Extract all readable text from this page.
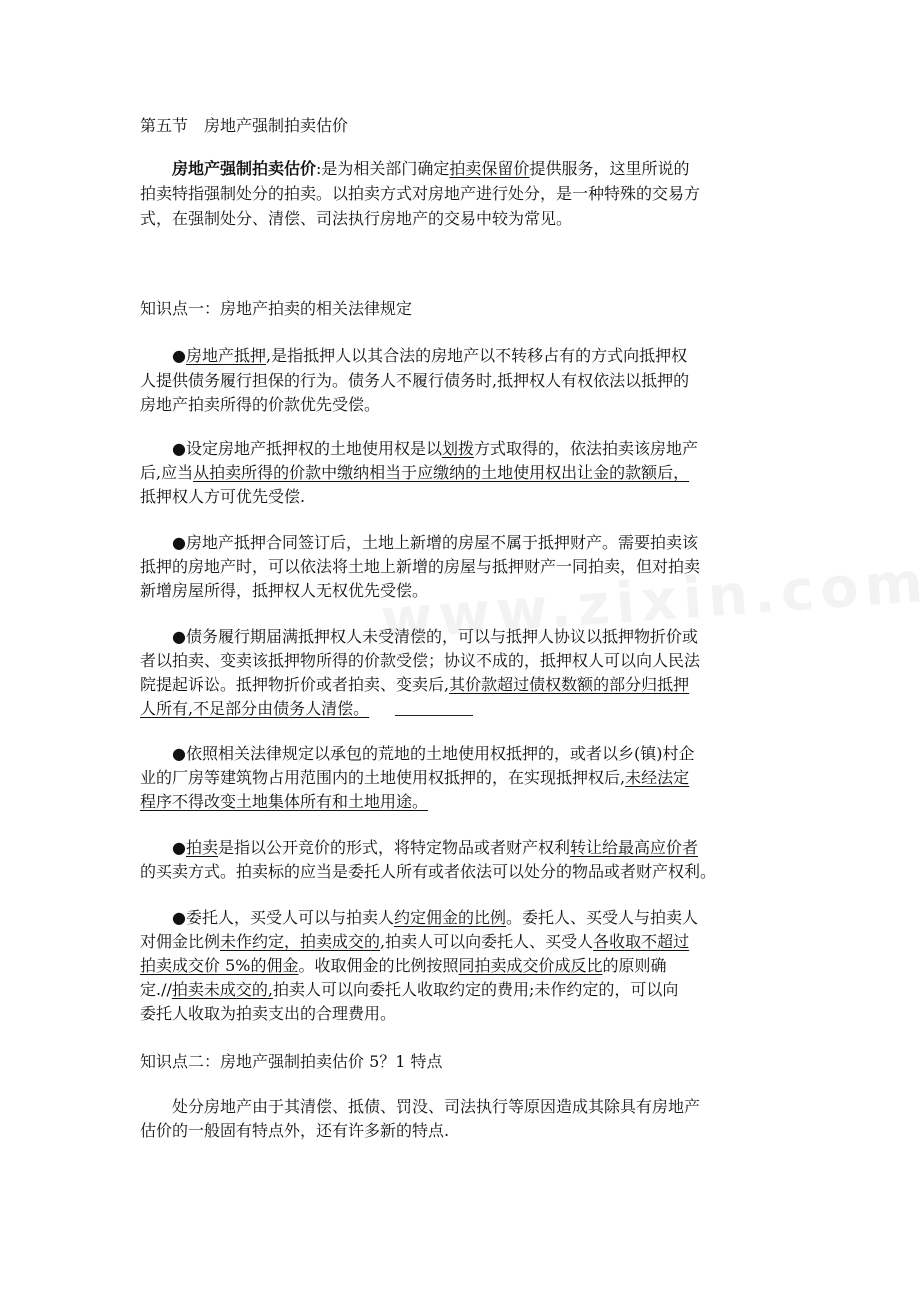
第五节　房地产强制拍卖估价
房地产强制拍卖估价:是为相关部门确定拍卖保留价提供服务，这里所说的
拍卖特指强制处分的拍卖。以拍卖方式对房地产进行处分，是一种特殊的交易方
式，在强制处分、清偿、司法执行房地产的交易中较为常见。
知识点一：房地产拍卖的相关法律规定
●房地产抵押,是指抵押人以其合法的房地产以不转移占有的方式向抵押权
人提供债务履行担保的行为。债务人不履行债务时,抵押权人有权依法以抵押的
房地产拍卖所得的价款优先受偿。
●设定房地产抵押权的土地使用权是以划拨方式取得的，依法拍卖该房地产
后,应当从拍卖所得的价款中缴纳相当于应缴纳的土地使用权出让金的款额后，
抵押权人方可优先受偿.
●房地产抵押合同签订后，土地上新增的房屋不属于抵押财产。需要拍卖该
抵押的房地产时，可以依法将土地上新增的房屋与抵押财产一同拍卖，但对拍卖
新增房屋所得，抵押权人无权优先受偿。
●债务履行期届满抵押权人未受清偿的，可以与抵押人协议以抵押物折价或
者以拍卖、变卖该抵押物所得的价款受偿；协议不成的，抵押权人可以向人民法
院提起诉讼。抵押物折价或者拍卖、变卖后,其价款超过债权数额的部分归抵押
人所有,不足部分由债务人清偿。
●依照相关法律规定以承包的荒地的土地使用权抵押的，或者以乡(镇)村企
业的厂房等建筑物占用范围内的土地使用权抵押的，在实现抵押权后,未经法定
程序不得改变土地集体所有和土地用途。
●拍卖是指以公开竞价的形式，将特定物品或者财产权利转让给最高应价者
的买卖方式。拍卖标的应当是委托人所有或者依法可以处分的物品或者财产权利。
●委托人，买受人可以与拍卖人约定佣金的比例。委托人、买受人与拍卖人
对佣金比例未作约定，拍卖成交的,拍卖人可以向委托人、买受人各收取不超过
拍卖成交价 5%的佣金。收取佣金的比例按照同拍卖成交价成反比的原则确
定.//拍卖未成交的,拍卖人可以向委托人收取约定的费用;未作约定的，可以向
委托人收取为拍卖支出的合理费用。
知识点二：房地产强制拍卖估价 5？1 特点
处分房地产由于其清偿、抵债、罚没、司法执行等原因造成其除具有房地产
估价的一般固有特点外，还有许多新的特点.
